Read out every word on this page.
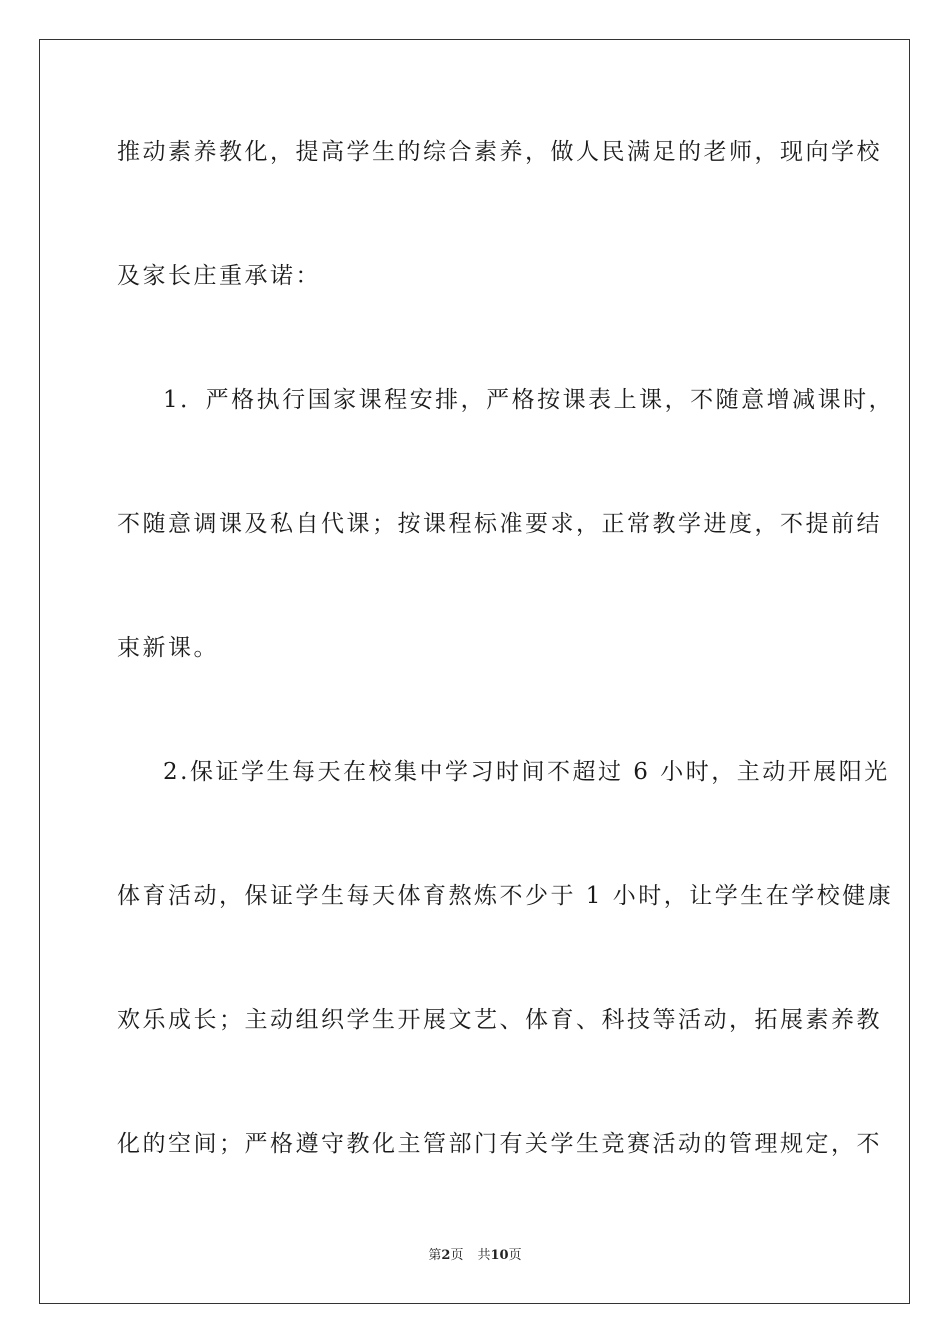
推动素养教化，提高学生的综合素养，做人民满足的老师，现向学校
及家长庄重承诺：
1．严格执行国家课程安排，严格按课表上课，不随意增减课时，
不随意调课及私自代课；按课程标准要求，正常教学进度，不提前结
束新课。
2.保证学生每天在校集中学习时间不超过 6 小时，主动开展阳光
体育活动，保证学生每天体育熬炼不少于 1 小时，让学生在学校健康
欢乐成长；主动组织学生开展文艺、体育、科技等活动，拓展素养教
化的空间；严格遵守教化主管部门有关学生竞赛活动的管理规定，不
第2页 共10页
